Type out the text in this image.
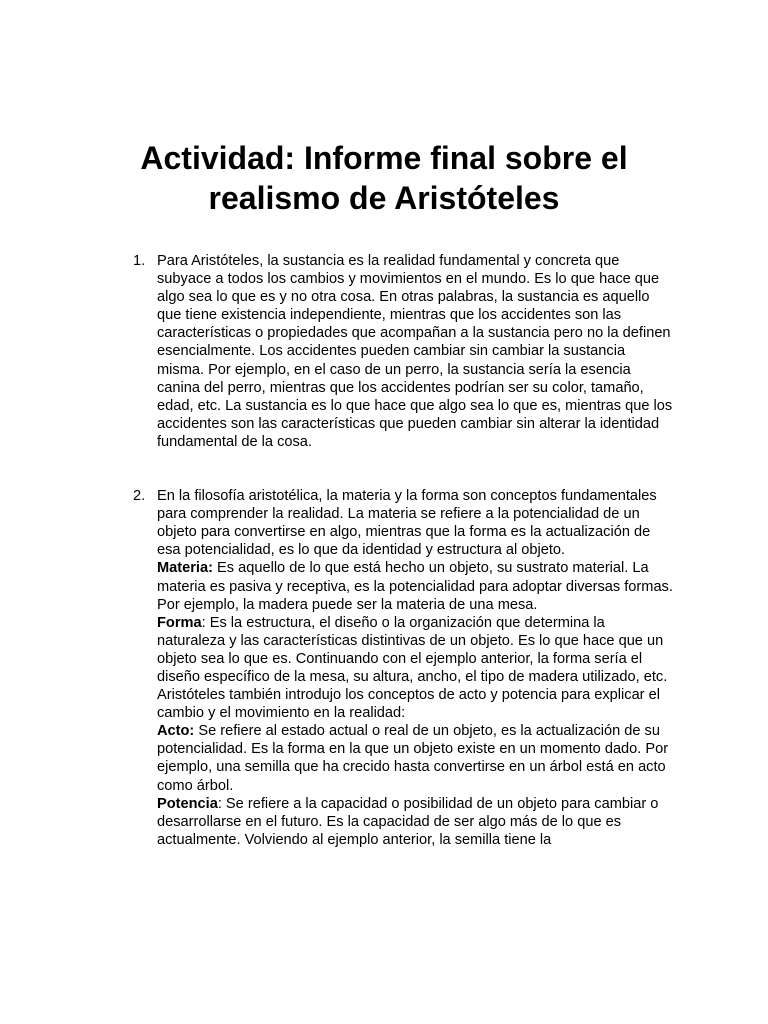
Actividad: Informe final sobre el
realismo de Aristóteles
1. Para Aristóteles, la sustancia es la realidad fundamental y concreta que subyace a todos los cambios y movimientos en el mundo. Es lo que hace que algo sea lo que es y no otra cosa. En otras palabras, la sustancia es aquello que tiene existencia independiente, mientras que los accidentes son las características o propiedades que acompañan a la sustancia pero no la definen esencialmente. Los accidentes pueden cambiar sin cambiar la sustancia misma. Por ejemplo, en el caso de un perro, la sustancia sería la esencia canina del perro, mientras que los accidentes podrían ser su color, tamaño, edad, etc. La sustancia es lo que hace que algo sea lo que es, mientras que los accidentes son las características que pueden cambiar sin alterar la identidad fundamental de la cosa.

2. En la filosofía aristotélica, la materia y la forma son conceptos fundamentales para comprender la realidad. La materia se refiere a la potencialidad de un objeto para convertirse en algo, mientras que la forma es la actualización de esa potencialidad, es lo que da identidad y estructura al objeto.

Materia: Es aquello de lo que está hecho un objeto, su sustrato material. La materia es pasiva y receptiva, es la potencialidad para adoptar diversas formas. Por ejemplo, la madera puede ser la materia de una mesa.

Forma: Es la estructura, el diseño o la organización que determina la naturaleza y las características distintivas de un objeto. Es lo que hace que un objeto sea lo que es. Continuando con el ejemplo anterior, la forma sería el diseño específico de la mesa, su altura, ancho, el tipo de madera utilizado, etc.

Aristóteles también introdujo los conceptos de acto y potencia para explicar el cambio y el movimiento en la realidad:

Acto: Se refiere al estado actual o real de un objeto, es la actualización de su potencialidad. Es la forma en la que un objeto existe en un momento dado. Por ejemplo, una semilla que ha crecido hasta convertirse en un árbol está en acto como árbol.

Potencia: Se refiere a la capacidad o posibilidad de un objeto para cambiar o desarrollarse en el futuro. Es la capacidad de ser algo más de lo que es actualmente. Volviendo al ejemplo anterior, la semilla tiene la
